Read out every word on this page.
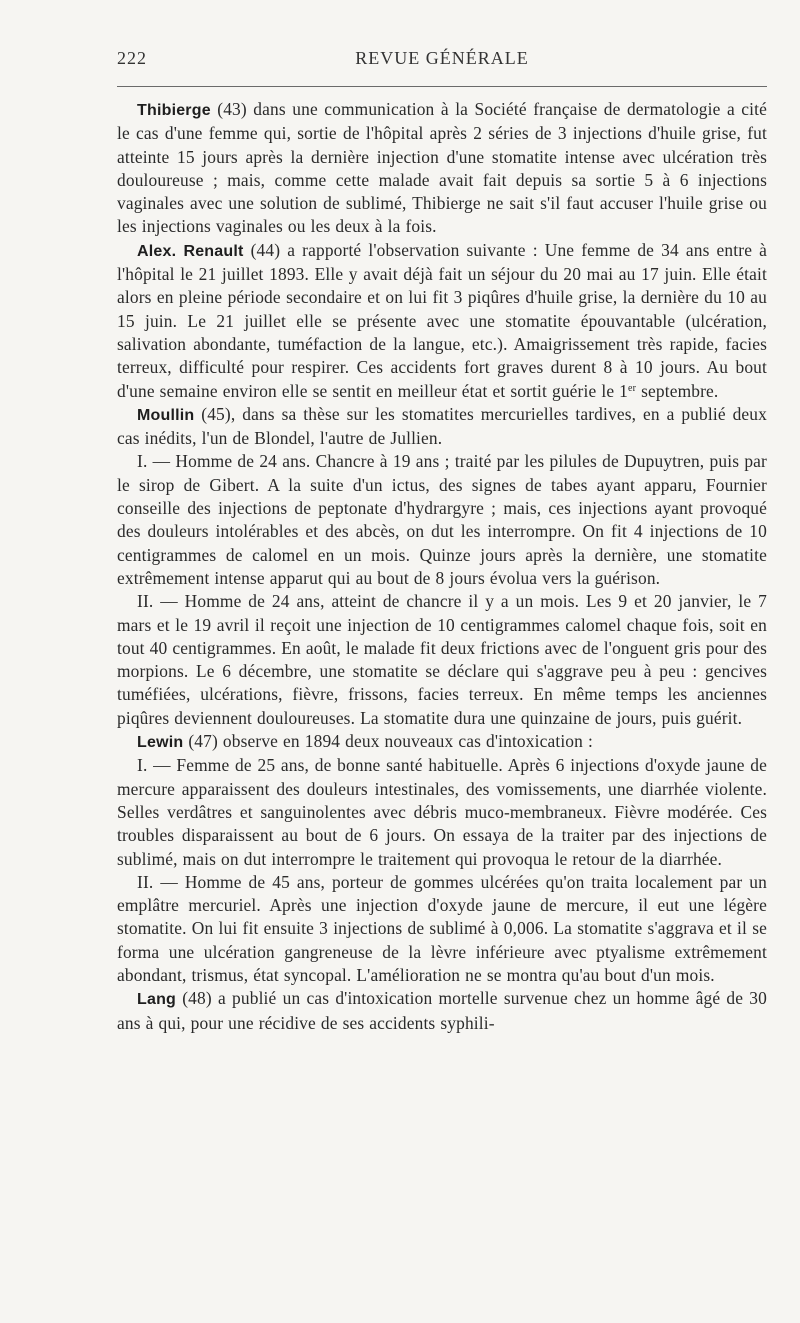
222	REVUE GÉNÉRALE

Thibierge (43) dans une communication à la Société française de dermatologie a cité le cas d'une femme qui, sortie de l'hôpital après 2 séries de 3 injections d'huile grise, fut atteinte 15 jours après la dernière injection d'une stomatite intense avec ulcération très douloureuse ; mais, comme cette malade avait fait depuis sa sortie 5 à 6 injections vaginales avec une solution de sublimé, Thibierge ne sait s'il faut accuser l'huile grise ou les injections vaginales ou les deux à la fois.

Alex. Renault (44) a rapporté l'observation suivante : Une femme de 34 ans entre à l'hôpital le 21 juillet 1893. Elle y avait déjà fait un séjour du 20 mai au 17 juin. Elle était alors en pleine période secondaire et on lui fit 3 piqûres d'huile grise, la dernière du 10 au 15 juin. Le 21 juillet elle se présente avec une stomatite épouvantable (ulcération, salivation abondante, tuméfaction de la langue, etc.). Amaigrissement très rapide, facies terreux, difficulté pour respirer. Ces accidents fort graves durent 8 à 10 jours. Au bout d'une semaine environ elle se sentit en meilleur état et sortit guérie le 1er septembre.

Moullin (45), dans sa thèse sur les stomatites mercurielles tardives, en a publié deux cas inédits, l'un de Blondel, l'autre de Jullien.

I. — Homme de 24 ans. Chancre à 19 ans ; traité par les pilules de Dupuytren, puis par le sirop de Gibert. A la suite d'un ictus, des signes de tabes ayant apparu, Fournier conseille des injections de peptonate d'hydrargyre ; mais, ces injections ayant provoqué des douleurs intolérables et des abcès, on dut les interrompre. On fit 4 injections de 10 centigrammes de calomel en un mois. Quinze jours après la dernière, une stomatite extrêmement intense apparut qui au bout de 8 jours évolua vers la guérison.

II. — Homme de 24 ans, atteint de chancre il y a un mois. Les 9 et 20 janvier, le 7 mars et le 19 avril il reçoit une injection de 10 centigrammes calomel chaque fois, soit en tout 40 centigrammes. En août, le malade fit deux frictions avec de l'onguent gris pour des morpions. Le 6 décembre, une stomatite se déclare qui s'aggrave peu à peu : gencives tuméfiées, ulcérations, fièvre, frissons, facies terreux. En même temps les anciennes piqûres deviennent douloureuses. La stomatite dura une quinzaine de jours, puis guérit.

Lewin (47) observe en 1894 deux nouveaux cas d'intoxication :

I. — Femme de 25 ans, de bonne santé habituelle. Après 6 injections d'oxyde jaune de mercure apparaissent des douleurs intestinales, des vomissements, une diarrhée violente. Selles verdâtres et sanguinolentes avec débris muco-membraneux. Fièvre modérée. Ces troubles disparaissent au bout de 6 jours. On essaya de la traiter par des injections de sublimé, mais on dut interrompre le traitement qui provoqua le retour de la diarrhée.

II. — Homme de 45 ans, porteur de gommes ulcérées qu'on traita localement par un emplâtre mercuriel. Après une injection d'oxyde jaune de mercure, il eut une légère stomatite. On lui fit ensuite 3 injections de sublimé à 0,006. La stomatite s'aggrava et il se forma une ulcération gangreneuse de la lèvre inférieure avec ptyalisme extrêmement abondant, trismus, état syncopal. L'amélioration ne se montra qu'au bout d'un mois.

Lang (48) a publié un cas d'intoxication mortelle survenue chez un homme âgé de 30 ans à qui, pour une récidive de ses accidents syphili-
